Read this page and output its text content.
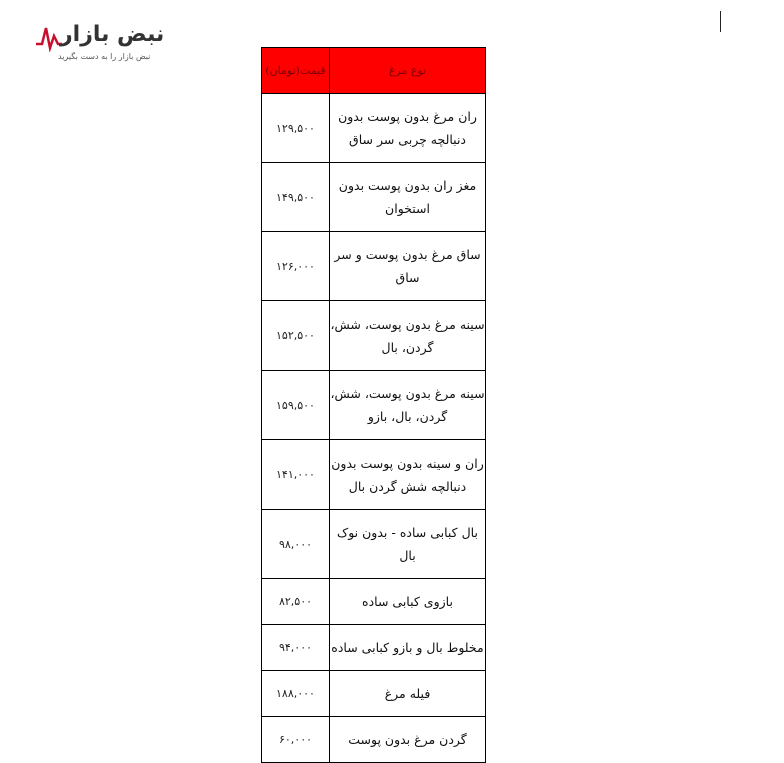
نبض بازار
نبض بازار را به دست بگیرید
نوع مرغ	قیمت(تومان)
ران مرغ بدون پوست بدون دنبالچه چربی سر ساق	۱۲۹,۵۰۰
مغز ران بدون پوست بدون استخوان	۱۴۹,۵۰۰
ساق مرغ بدون پوست و سر ساق	۱۲۶,۰۰۰
سینه مرغ بدون پوست، شش، گردن، بال	۱۵۲,۵۰۰
سینه مرغ بدون پوست، شش، گردن، بال، بازو	۱۵۹,۵۰۰
ران و سینه بدون پوست بدون دنبالچه شش گردن بال	۱۴۱,۰۰۰
بال کبابی ساده - بدون نوک بال	۹۸,۰۰۰
بازوی کبابی ساده	۸۲,۵۰۰
مخلوط بال و بازو کبابی ساده	۹۴,۰۰۰
فیله مرغ	۱۸۸,۰۰۰
گردن مرغ بدون پوست	۶۰,۰۰۰
